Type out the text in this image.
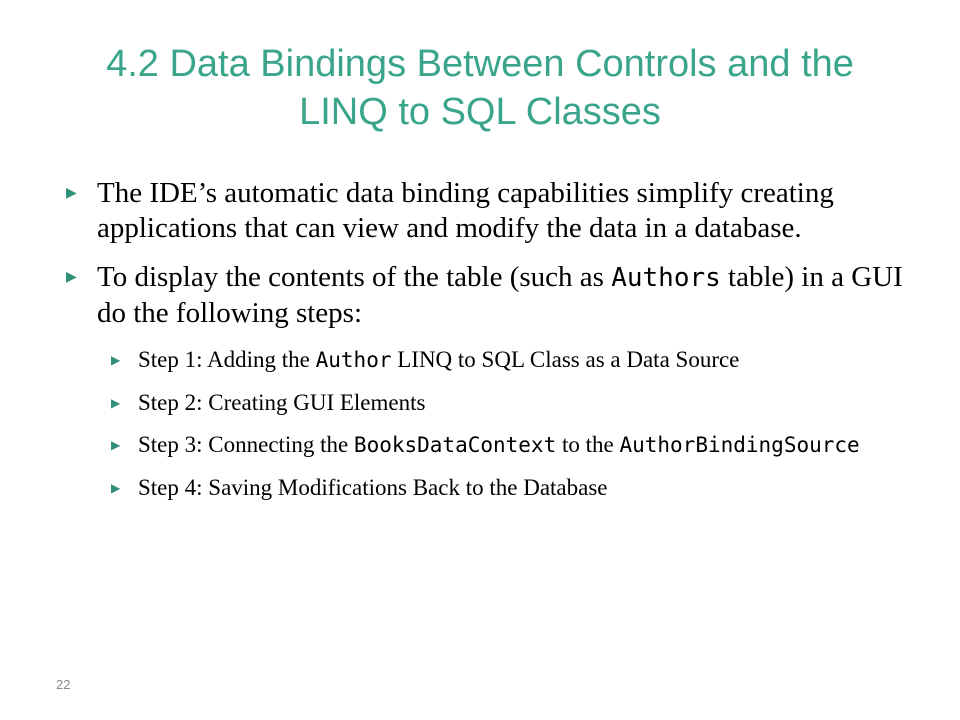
4.2 Data Bindings Between Controls and the
LINQ to SQL Classes
▶ The IDE’s automatic data binding capabilities simplify creating applications that can view and modify the data in a database.
▶ To display the contents of the table (such as Authors table) in a GUI do the following steps:
▶ Step 1: Adding the Author LINQ to SQL Class as a Data Source
▶ Step 2: Creating GUI Elements
▶ Step 3: Connecting the BooksDataContext to the AuthorBindingSource
▶ Step 4: Saving Modifications Back to the Database
22
